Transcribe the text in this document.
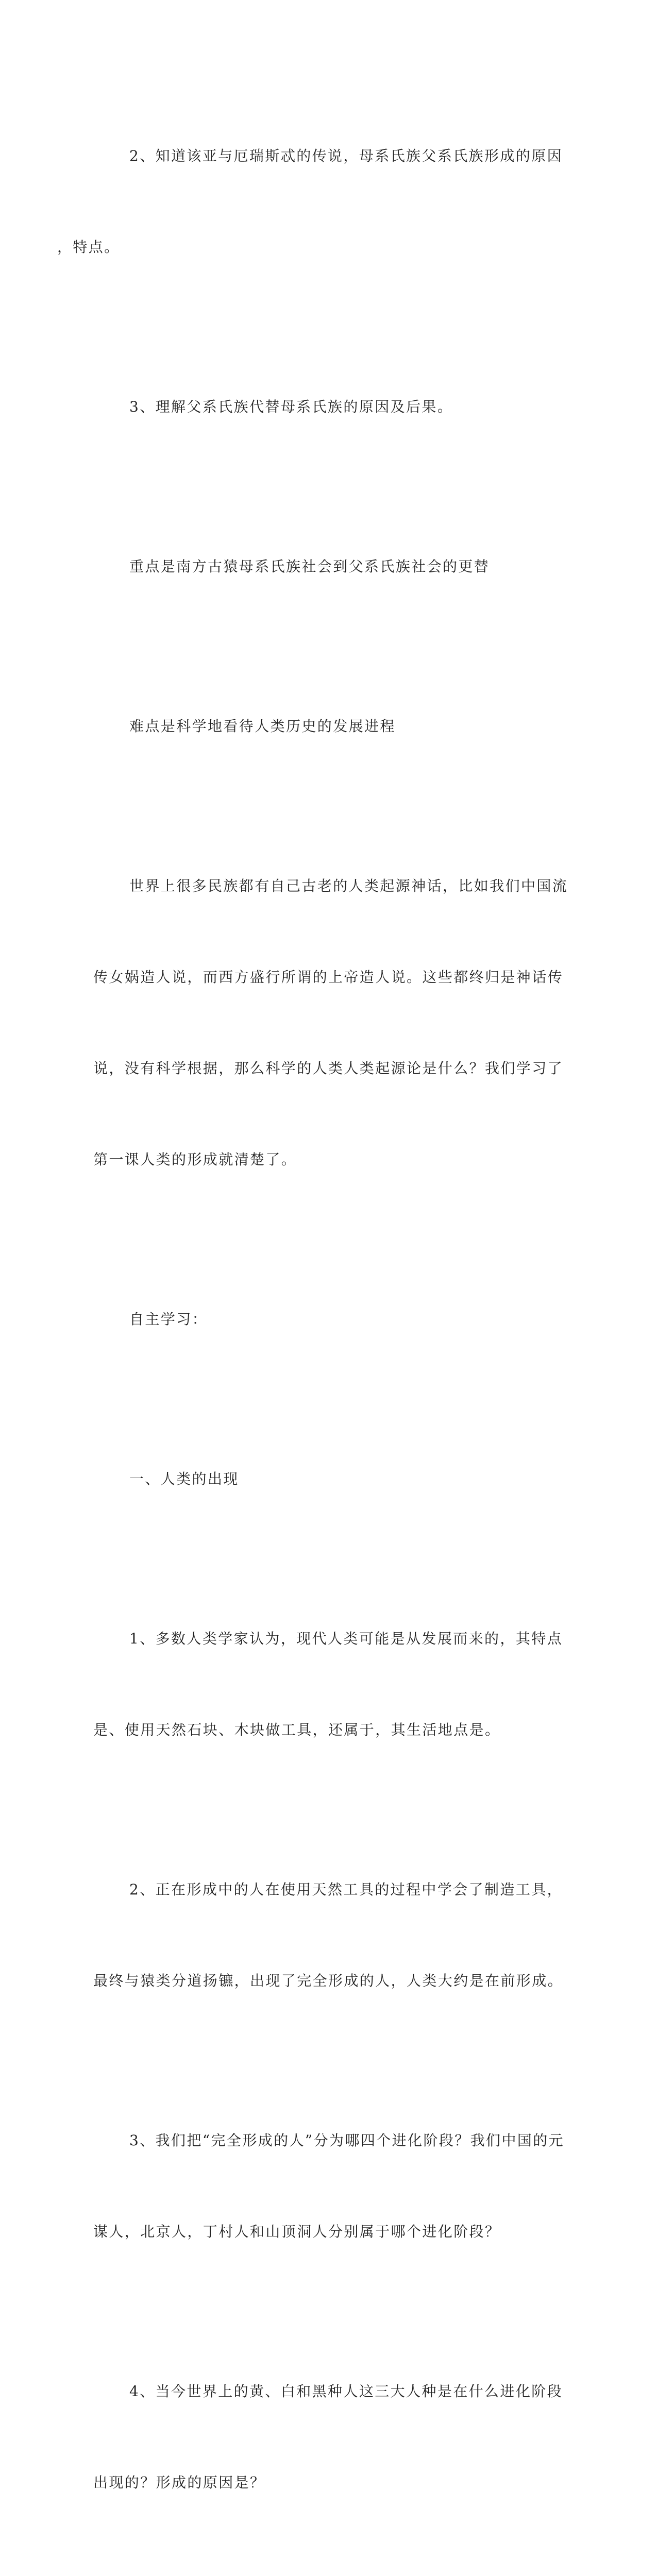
2、知道该亚与厄瑞斯忒的传说，母系氏族父系氏族形成的原因

，特点。

3、理解父系氏族代替母系氏族的原因及后果。

重点是南方古猿母系氏族社会到父系氏族社会的更替

难点是科学地看待人类历史的发展进程

世界上很多民族都有自己古老的人类起源神话，比如我们中国流

传女娲造人说，而西方盛行所谓的上帝造人说。这些都终归是神话传

说，没有科学根据，那么科学的人类人类起源论是什么？我们学习了

第一课人类的形成就清楚了。

自主学习：

一、人类的出现

1、多数人类学家认为，现代人类可能是从发展而来的，其特点

是、使用天然石块、木块做工具，还属于，其生活地点是。

2、正在形成中的人在使用天然工具的过程中学会了制造工具，

最终与猿类分道扬镳，出现了完全形成的人，人类大约是在前形成。

3、我们把“完全形成的人”分为哪四个进化阶段？我们中国的元

谋人，北京人，丁村人和山顶洞人分别属于哪个进化阶段？

4、当今世界上的黄、白和黑种人这三大人种是在什么进化阶段

出现的？形成的原因是？
